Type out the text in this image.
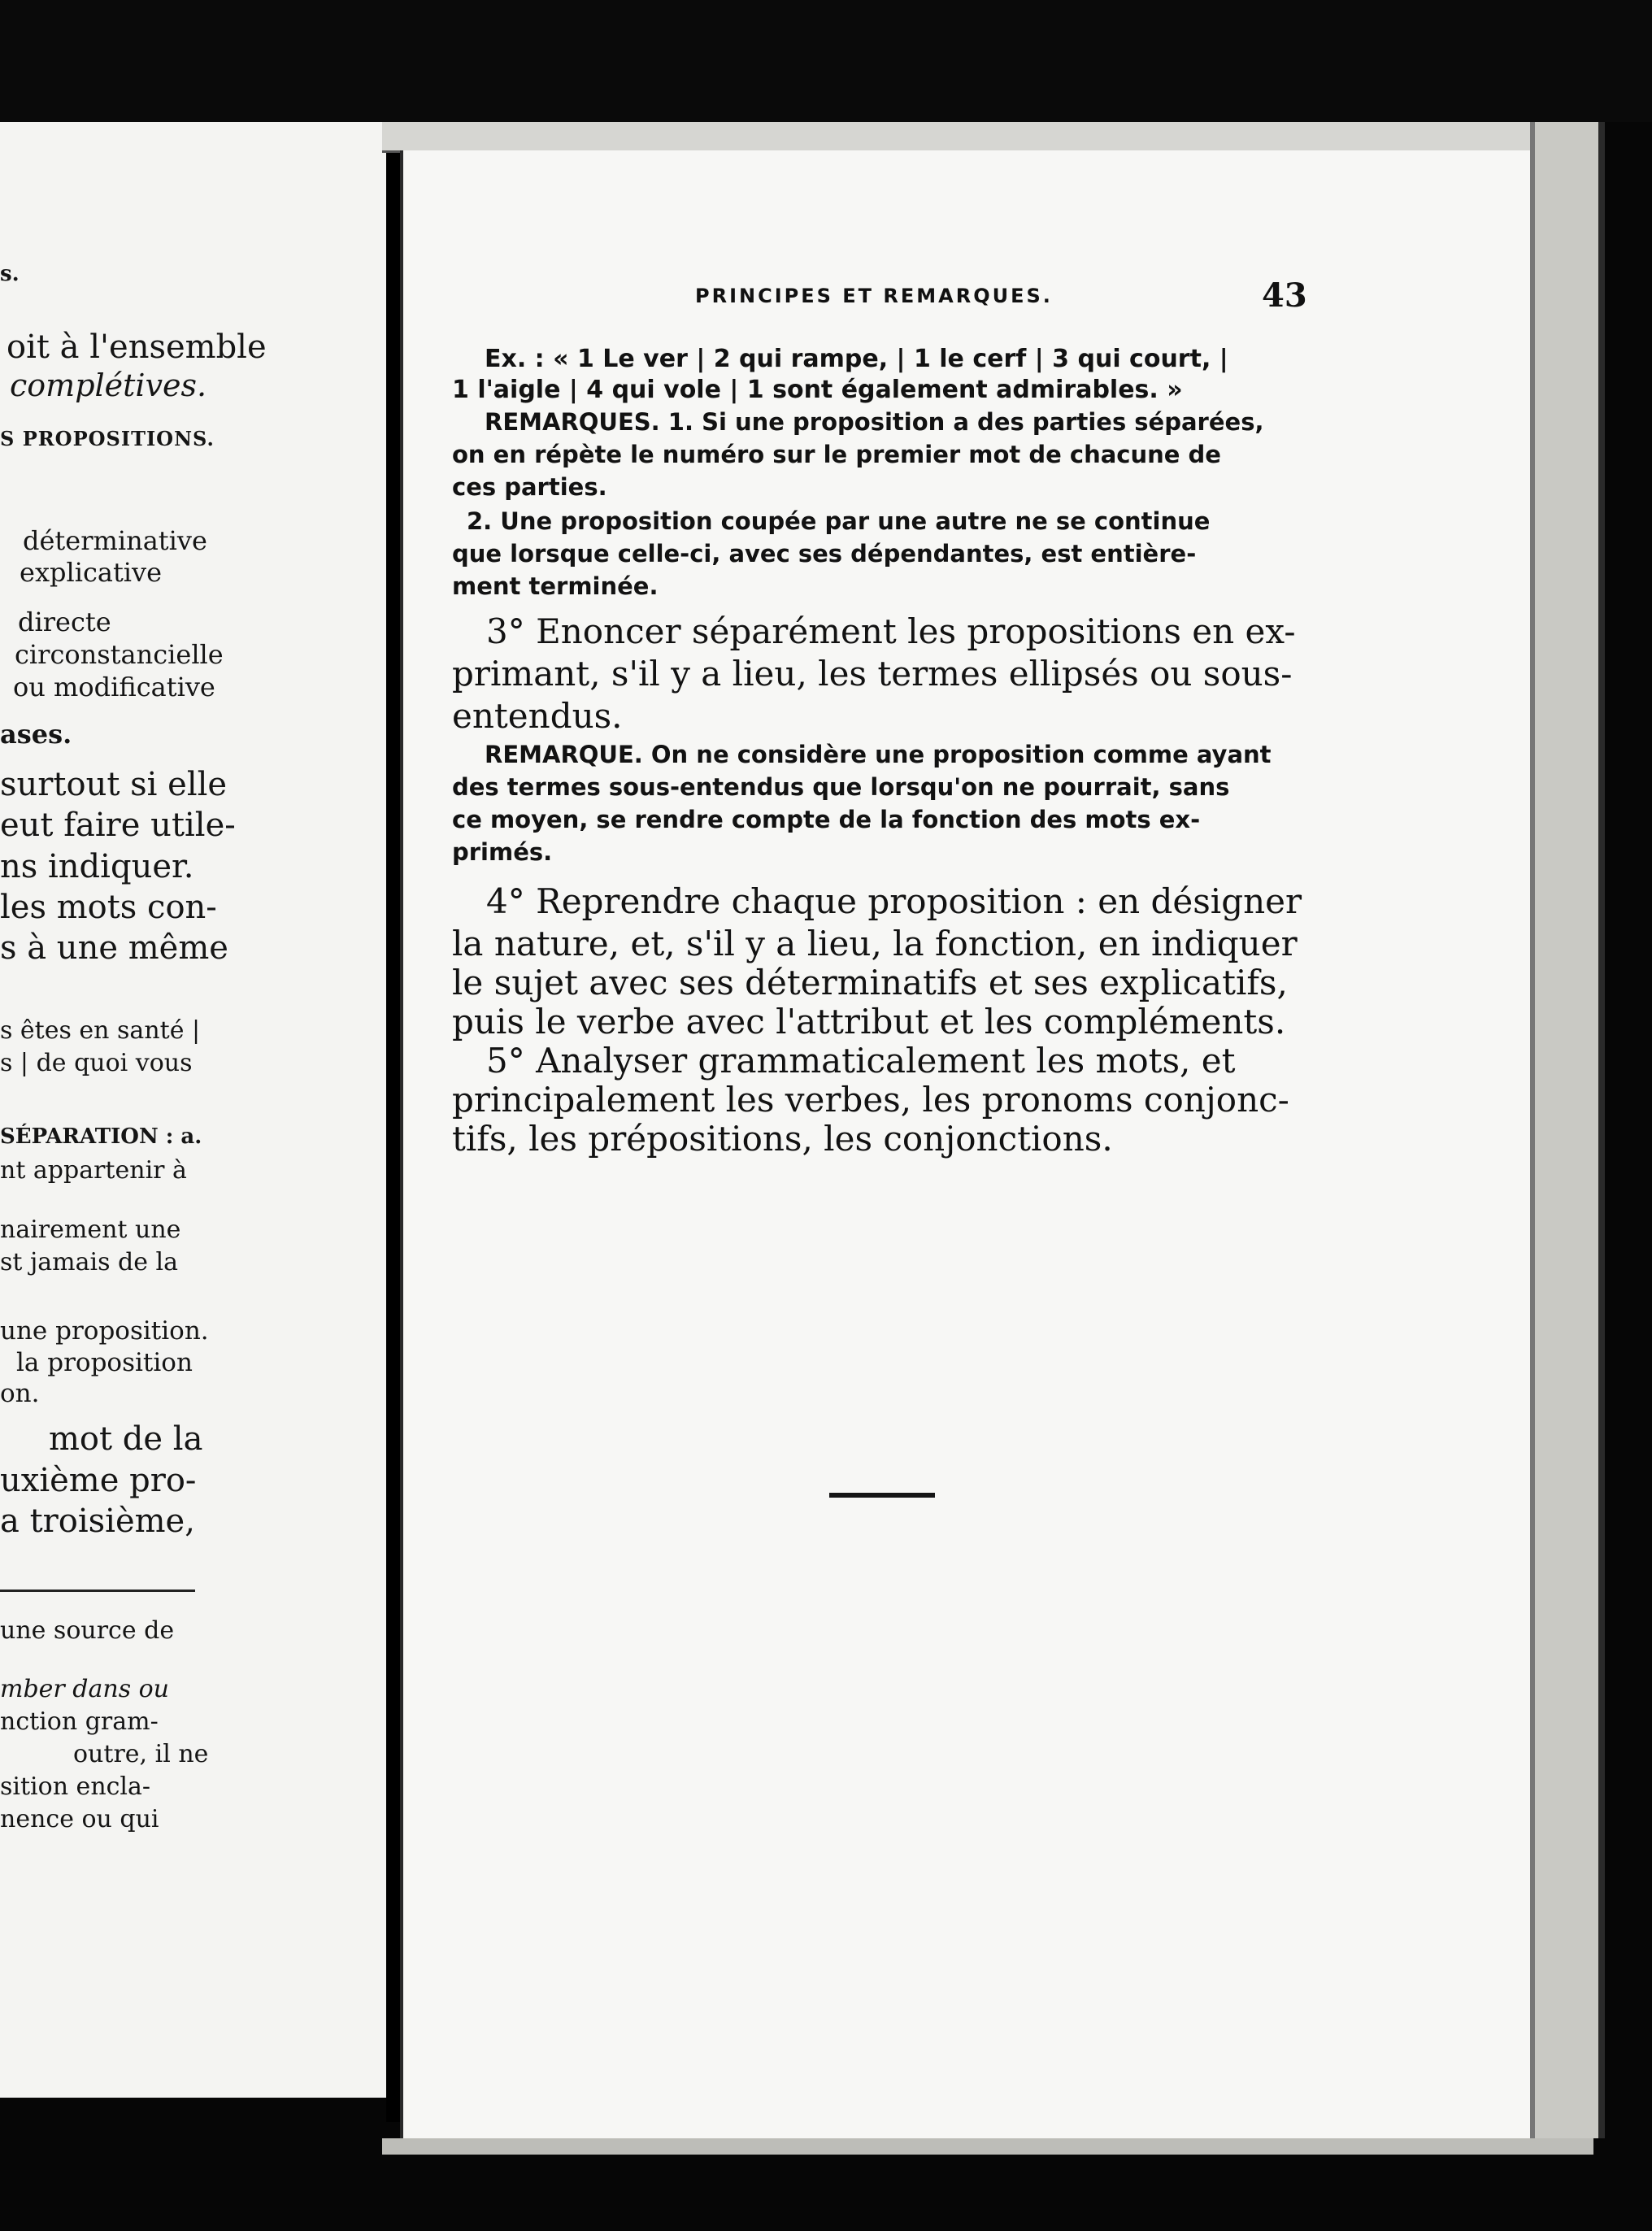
s.

oit à l'ensemble

complétives.

S PROPOSITIONS.

déterminative

explicative

directe

circonstancielle

ou modificative

ases.

surtout si elle

eut faire utile-

ns indiquer.

les mots con-

s à une même

s êtes en santé |

s | de quoi vous

SÉPARATION : a.

nt appartenir à

nairement une

st jamais de la

une proposition.

la proposition

on.

mot de la

uxième pro-

a troisième,

une source de

mber dans ou

nction gram-

outre, il ne

sition encla-

nence ou qui

PRINCIPES ET REMARQUES.	43

Ex. : « 1 Le ver | 2 qui rampe, | 1 le cerf | 3 qui court, |

1 l'aigle | 4 qui vole | 1 sont également admirables. »

REMARQUES. 1. Si une proposition a des parties séparées,

on en répète le numéro sur le premier mot de chacune de

ces parties.

2. Une proposition coupée par une autre ne se continue

que lorsque celle-ci, avec ses dépendantes, est entière-

ment terminée.

3° Enoncer séparément les propositions en ex-

primant, s'il y a lieu, les termes ellipsés ou sous-

entendus.

REMARQUE. On ne considère une proposition comme ayant

des termes sous-entendus que lorsqu'on ne pourrait, sans

ce moyen, se rendre compte de la fonction des mots ex-

primés.

4° Reprendre chaque proposition : en désigner

la nature, et, s'il y a lieu, la fonction, en indiquer

le sujet avec ses déterminatifs et ses explicatifs,

puis le verbe avec l'attribut et les compléments.

5° Analyser grammaticalement les mots, et

principalement les verbes, les pronoms conjonc-

tifs, les prépositions, les conjonctions.
